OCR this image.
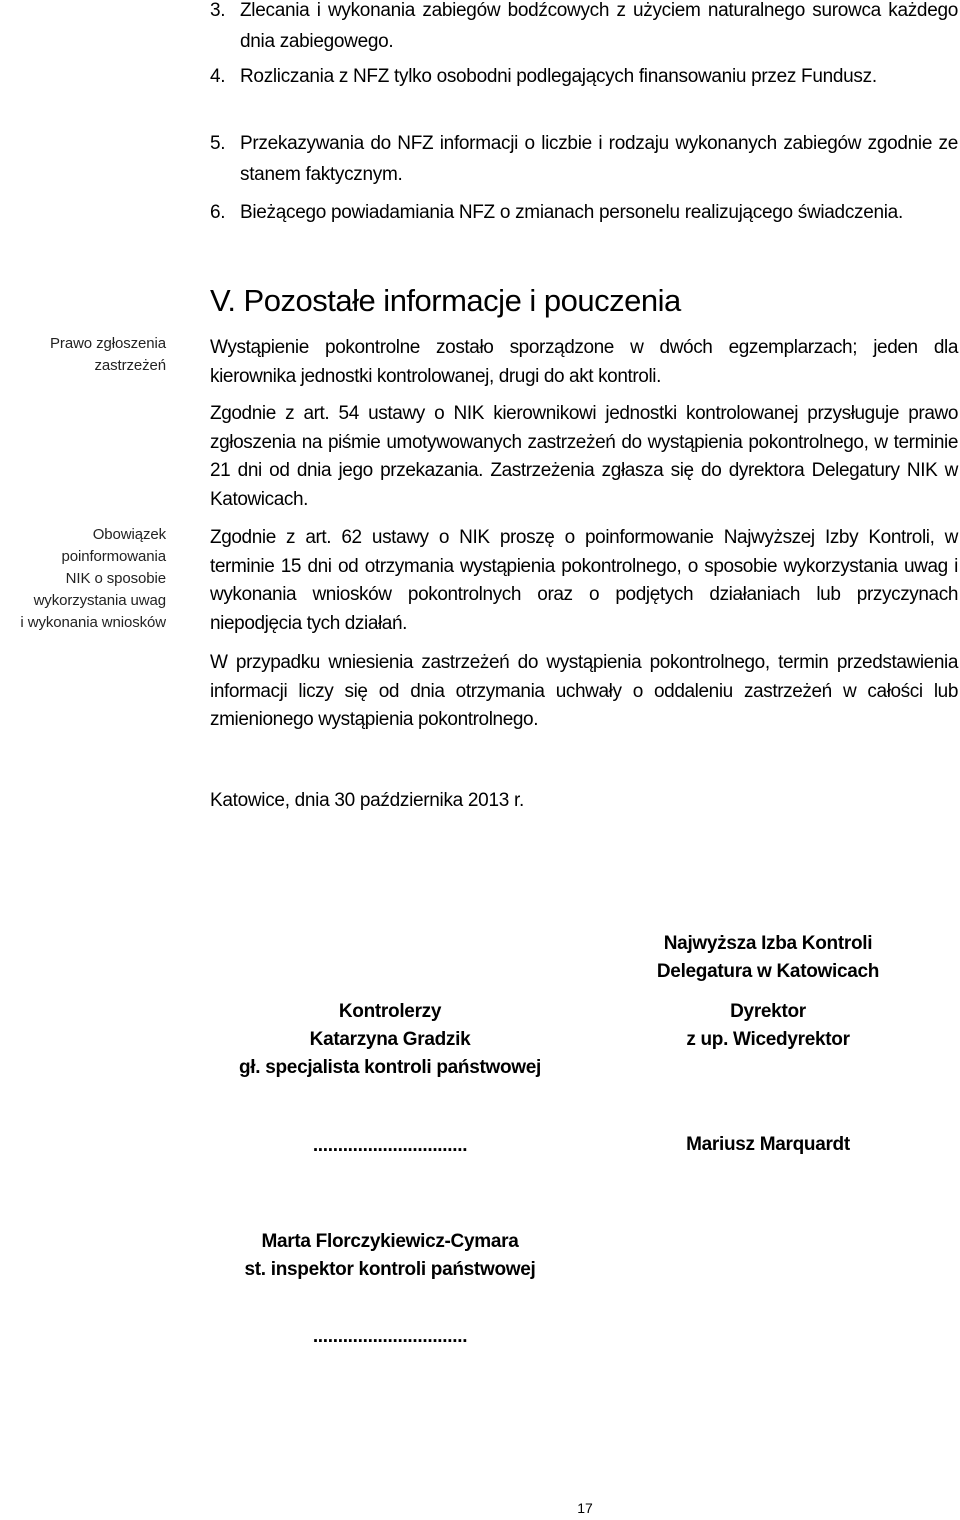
3. Zlecania i wykonania zabiegów bodźcowych z użyciem naturalnego surowca każdego dnia zabiegowego.
4. Rozliczania z NFZ tylko osobodni podlegających finansowaniu przez Fundusz.
5. Przekazywania do NFZ informacji o liczbie i rodzaju wykonanych zabiegów zgodnie ze stanem faktycznym.
6. Bieżącego powiadamiania NFZ o zmianach personelu realizującego świadczenia.
V. Pozostałe informacje i pouczenia
Prawo zgłoszenia
zastrzeżeń
Obowiązek
poinformowania
NIK o sposobie
wykorzystania uwag
i wykonania wniosków
Wystąpienie pokontrolne zostało sporządzone w dwóch egzemplarzach; jeden dla kierownika jednostki kontrolowanej, drugi do akt kontroli.
Zgodnie z art. 54 ustawy o NIK kierownikowi jednostki kontrolowanej przysługuje prawo zgłoszenia na piśmie umotywowanych zastrzeżeń do wystąpienia pokontrolnego, w terminie 21 dni od dnia jego przekazania. Zastrzeżenia zgłasza się do dyrektora Delegatury NIK w Katowicach.
Zgodnie z art. 62 ustawy o NIK proszę o poinformowanie Najwyższej Izby Kontroli, w terminie 15 dni od otrzymania wystąpienia pokontrolnego, o sposobie wykorzystania uwag i wykonania wniosków pokontrolnych oraz o podjętych działaniach lub przyczynach niepodjęcia tych działań.
W przypadku wniesienia zastrzeżeń do wystąpienia pokontrolnego, termin przedstawienia informacji liczy się od dnia otrzymania uchwały o oddaleniu zastrzeżeń w całości lub zmienionego wystąpienia pokontrolnego.
Katowice, dnia 30 października 2013 r.
Najwyższa Izba Kontroli
Delegatura w Katowicach
Kontrolerzy
Katarzyna Gradzik
gł. specjalista kontroli państwowej
...............................
Marta Florczykiewicz-Cymara
st. inspektor kontroli państwowej
...............................
Dyrektor
z up. Wicedyrektor
Mariusz Marquardt
17
